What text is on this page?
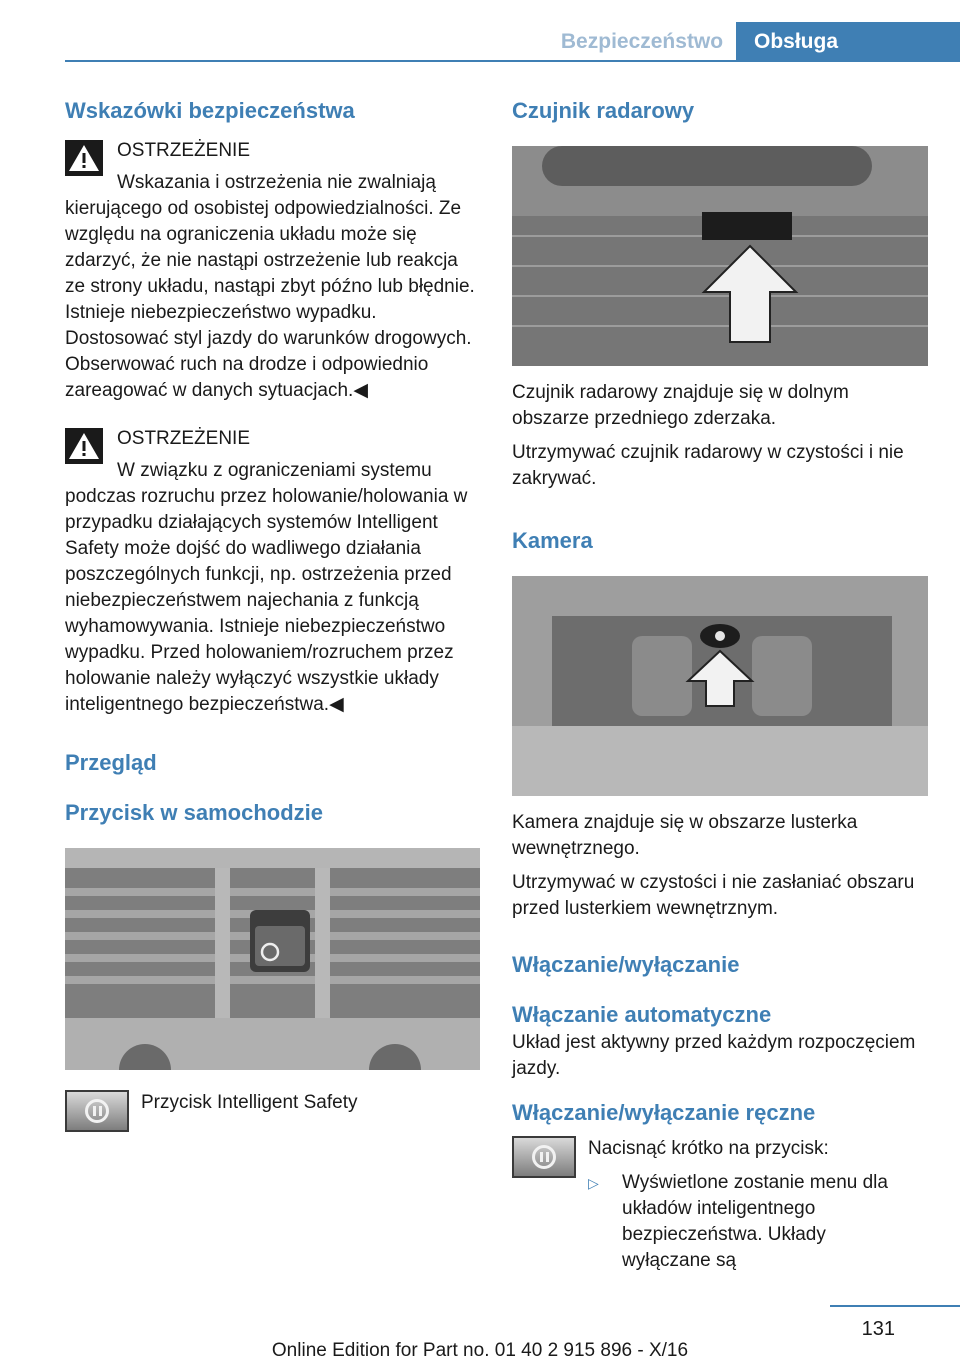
Bezpieczeństwo	Obsługa
Wskazówki bezpieczeństwa
OSTRZEŻENIE

Wskazania i ostrzeżenia nie zwalniają kierującego od osobistej odpowiedzialności. Ze względu na ograniczenia układu może się zdarzyć, że nie nastąpi ostrzeżenie lub reakcja ze strony układu, nastąpi zbyt późno lub błędnie. Istnieje niebezpieczeństwo wypadku. Dostosować styl jazdy do warunków drogowych. Obserwować ruch na drodze i odpowiednio zareagować w danych sytuacjach.◀

OSTRZEŻENIE

W związku z ograniczeniami systemu podczas rozruchu przez holowanie/holowania w przypadku działających systemów Intelligent Safety może dojść do wadliwego działania poszczególnych funkcji, np. ostrzeżenia przed niebezpieczeństwem najechania z funkcją wyhamowywania. Istnieje niebezpieczeństwo wypadku. Przed holowaniem/rozruchem przez holowanie należy wyłączyć wszystkie układy inteligentnego bezpieczeństwa.◀

Przegląd
Przycisk w samochodzie

Przycisk Intelligent Safety

Czujnik radarowy

Czujnik radarowy znajduje się w dolnym obszarze przedniego zderzaka.

Utrzymywać czujnik radarowy w czystości i nie zakrywać.

Kamera

Kamera znajduje się w obszarze lusterka wewnętrznego.

Utrzymywać w czystości i nie zasłaniać obszaru przed lusterkiem wewnętrznym.

Włączanie/wyłączanie
Włączanie automatyczne

Układ jest aktywny przed każdym rozpoczęciem jazdy.

Włączanie/wyłączanie ręczne

Nacisnąć krótko na przycisk:

▷	Wyświetlone zostanie menu dla układów inteligentnego bezpieczeństwa. Układy wyłączane są

131
Online Edition for Part no. 01 40 2 915 896 - X/16
